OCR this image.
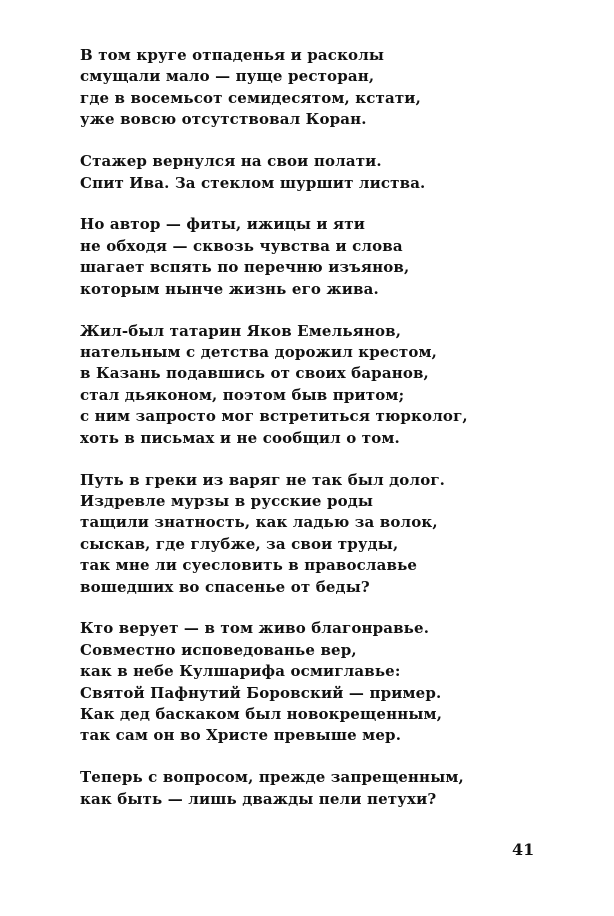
В том круге отпаденья и расколы
смущали мало — пуще ресторан,
где в восемьсот семидесятом, кстати,
уже вовсю отсутствовал Коран.
Стажер вернулся на свои полати.
Спит Ива. За стеклом шуршит листва.
Но автор — фиты, ижицы и яти
не обходя — сквозь чувства и слова
шагает вспять по перечню изъянов,
которым нынче жизнь его жива.
Жил-был татарин Яков Емельянов,
нательным с детства дорожил крестом,
в Казань подавшись от своих баранов,
стал дьяконом, поэтом быв притом;
с ним запросто мог встретиться тюрколог,
хоть в письмах и не сообщил о том.
Путь в греки из варяг не так был долог.
Издревле мурзы в русские роды
тащили знатность, как ладью за волок,
сыскав, где глубже, за свои труды,
так мне ли суесловить в православье
вошедших во спасенье от беды?
Кто верует — в том живо благонравье.
Совместно исповедованье вер,
как в небе Кулшарифа осмиглавье:
Святой Пафнутий Боровский — пример.
Как дед баскаком был новокрещенным,
так сам он во Христе превыше мер.
Теперь с вопросом, прежде запрещенным,
как быть — лишь дважды пели петухи?
41
